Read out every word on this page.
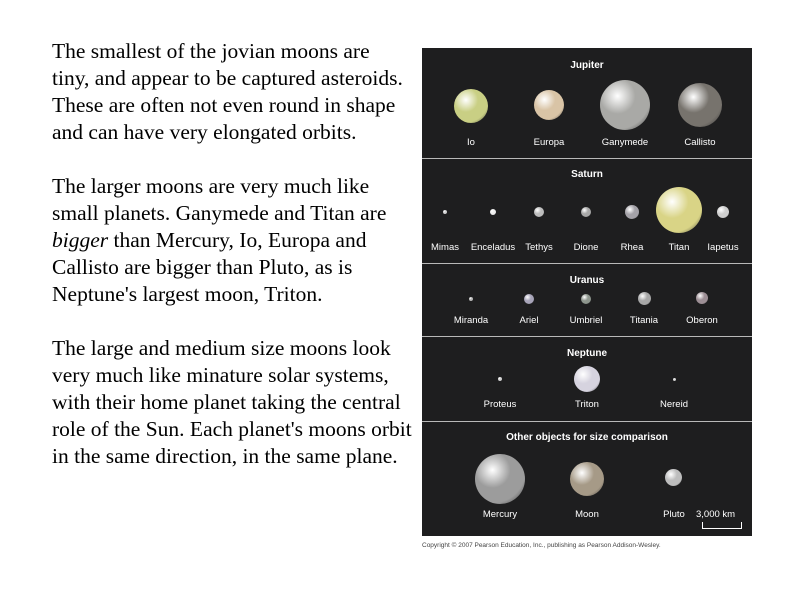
The smallest of the jovian moons are tiny, and appear to be captured asteroids. These are often not even round in shape and can have very elongated orbits.

The larger moons are very much like small planets. Ganymede and Titan are bigger than Mercury, Io, Europa and Callisto are bigger than Pluto, as is Neptune's largest moon, Triton.

The large and medium size moons look very much like minature solar systems, with their home planet taking the central role of the Sun. Each planet's moons orbit in the same direction, in the same plane.

Jupiter
Io	Europa	Ganymede	Callisto
Saturn
Mimas	Enceladus	Tethys	Dione	Rhea	Titan	Iapetus
Uranus
Miranda	Ariel	Umbriel	Titania	Oberon
Neptune
Proteus	Triton	Nereid
Other objects for size comparison
Mercury	Moon	Pluto	3,000 km
Copyright © 2007 Pearson Education, Inc., publishing as Pearson Addison-Wesley.
